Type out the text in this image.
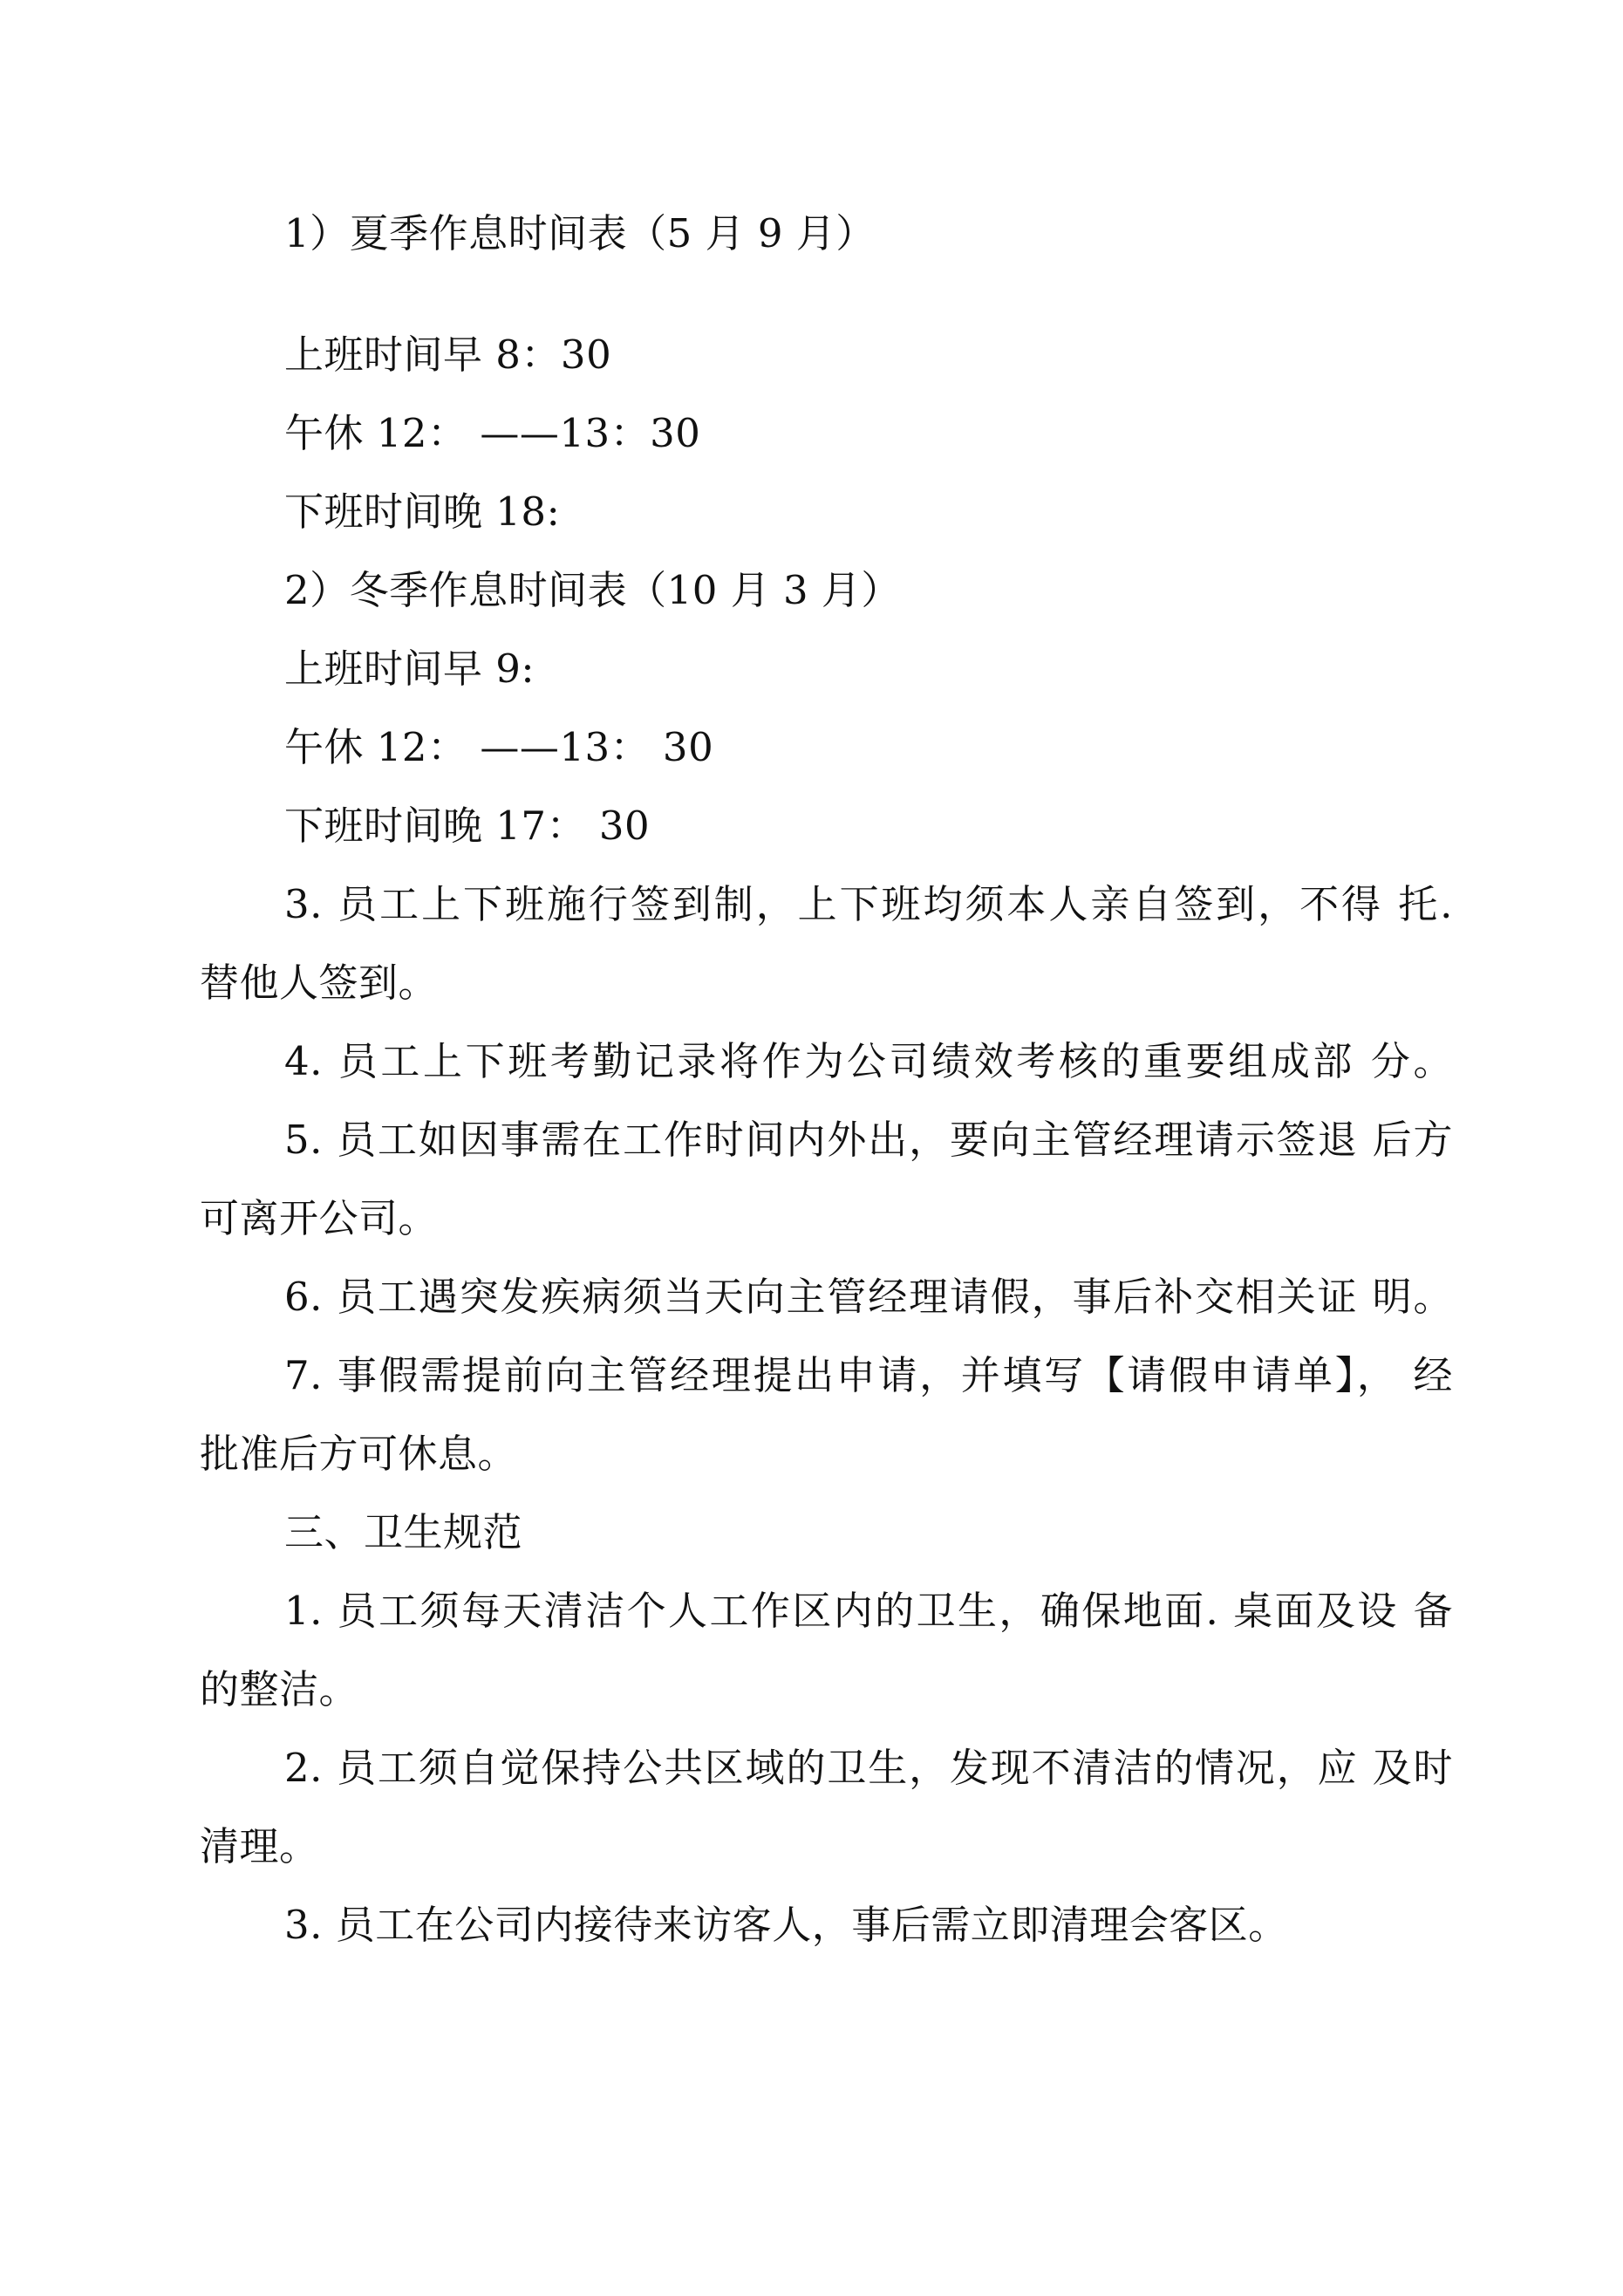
1）夏季作息时间表（5 月 9 月）
上班时间早 8：30
午休 12： ——13：30
下班时间晚 18:
2）冬季作息时间表（10 月 3 月）
上班时间早 9:
午休 12： ——13： 30
下班时间晚 17： 30
3. 员工上下班施行签到制，上下班均须本人亲自签到，不得 托.
替他人签到。
4. 员工上下班考勤记录将作为公司绩效考核的重要组成部 分。
5. 员工如因事需在工作时间内外出，要向主管经理请示签退 后方
可离开公司。
6. 员工遇突发疾病须当天向主管经理请假，事后补交相关证 明。
7. 事假需提前向主管经理提出申请，并填写【请假申请单】， 经
批准后方可休息。
三、卫生规范
1. 员工须每天清洁个人工作区内的卫生，确保地面. 桌面及设 备
的整洁。
2. 员工须自觉保持公共区域的卫生，发现不清洁的情况，应 及时
清理。
3. 员工在公司内接待来访客人，事后需立即清理会客区。
